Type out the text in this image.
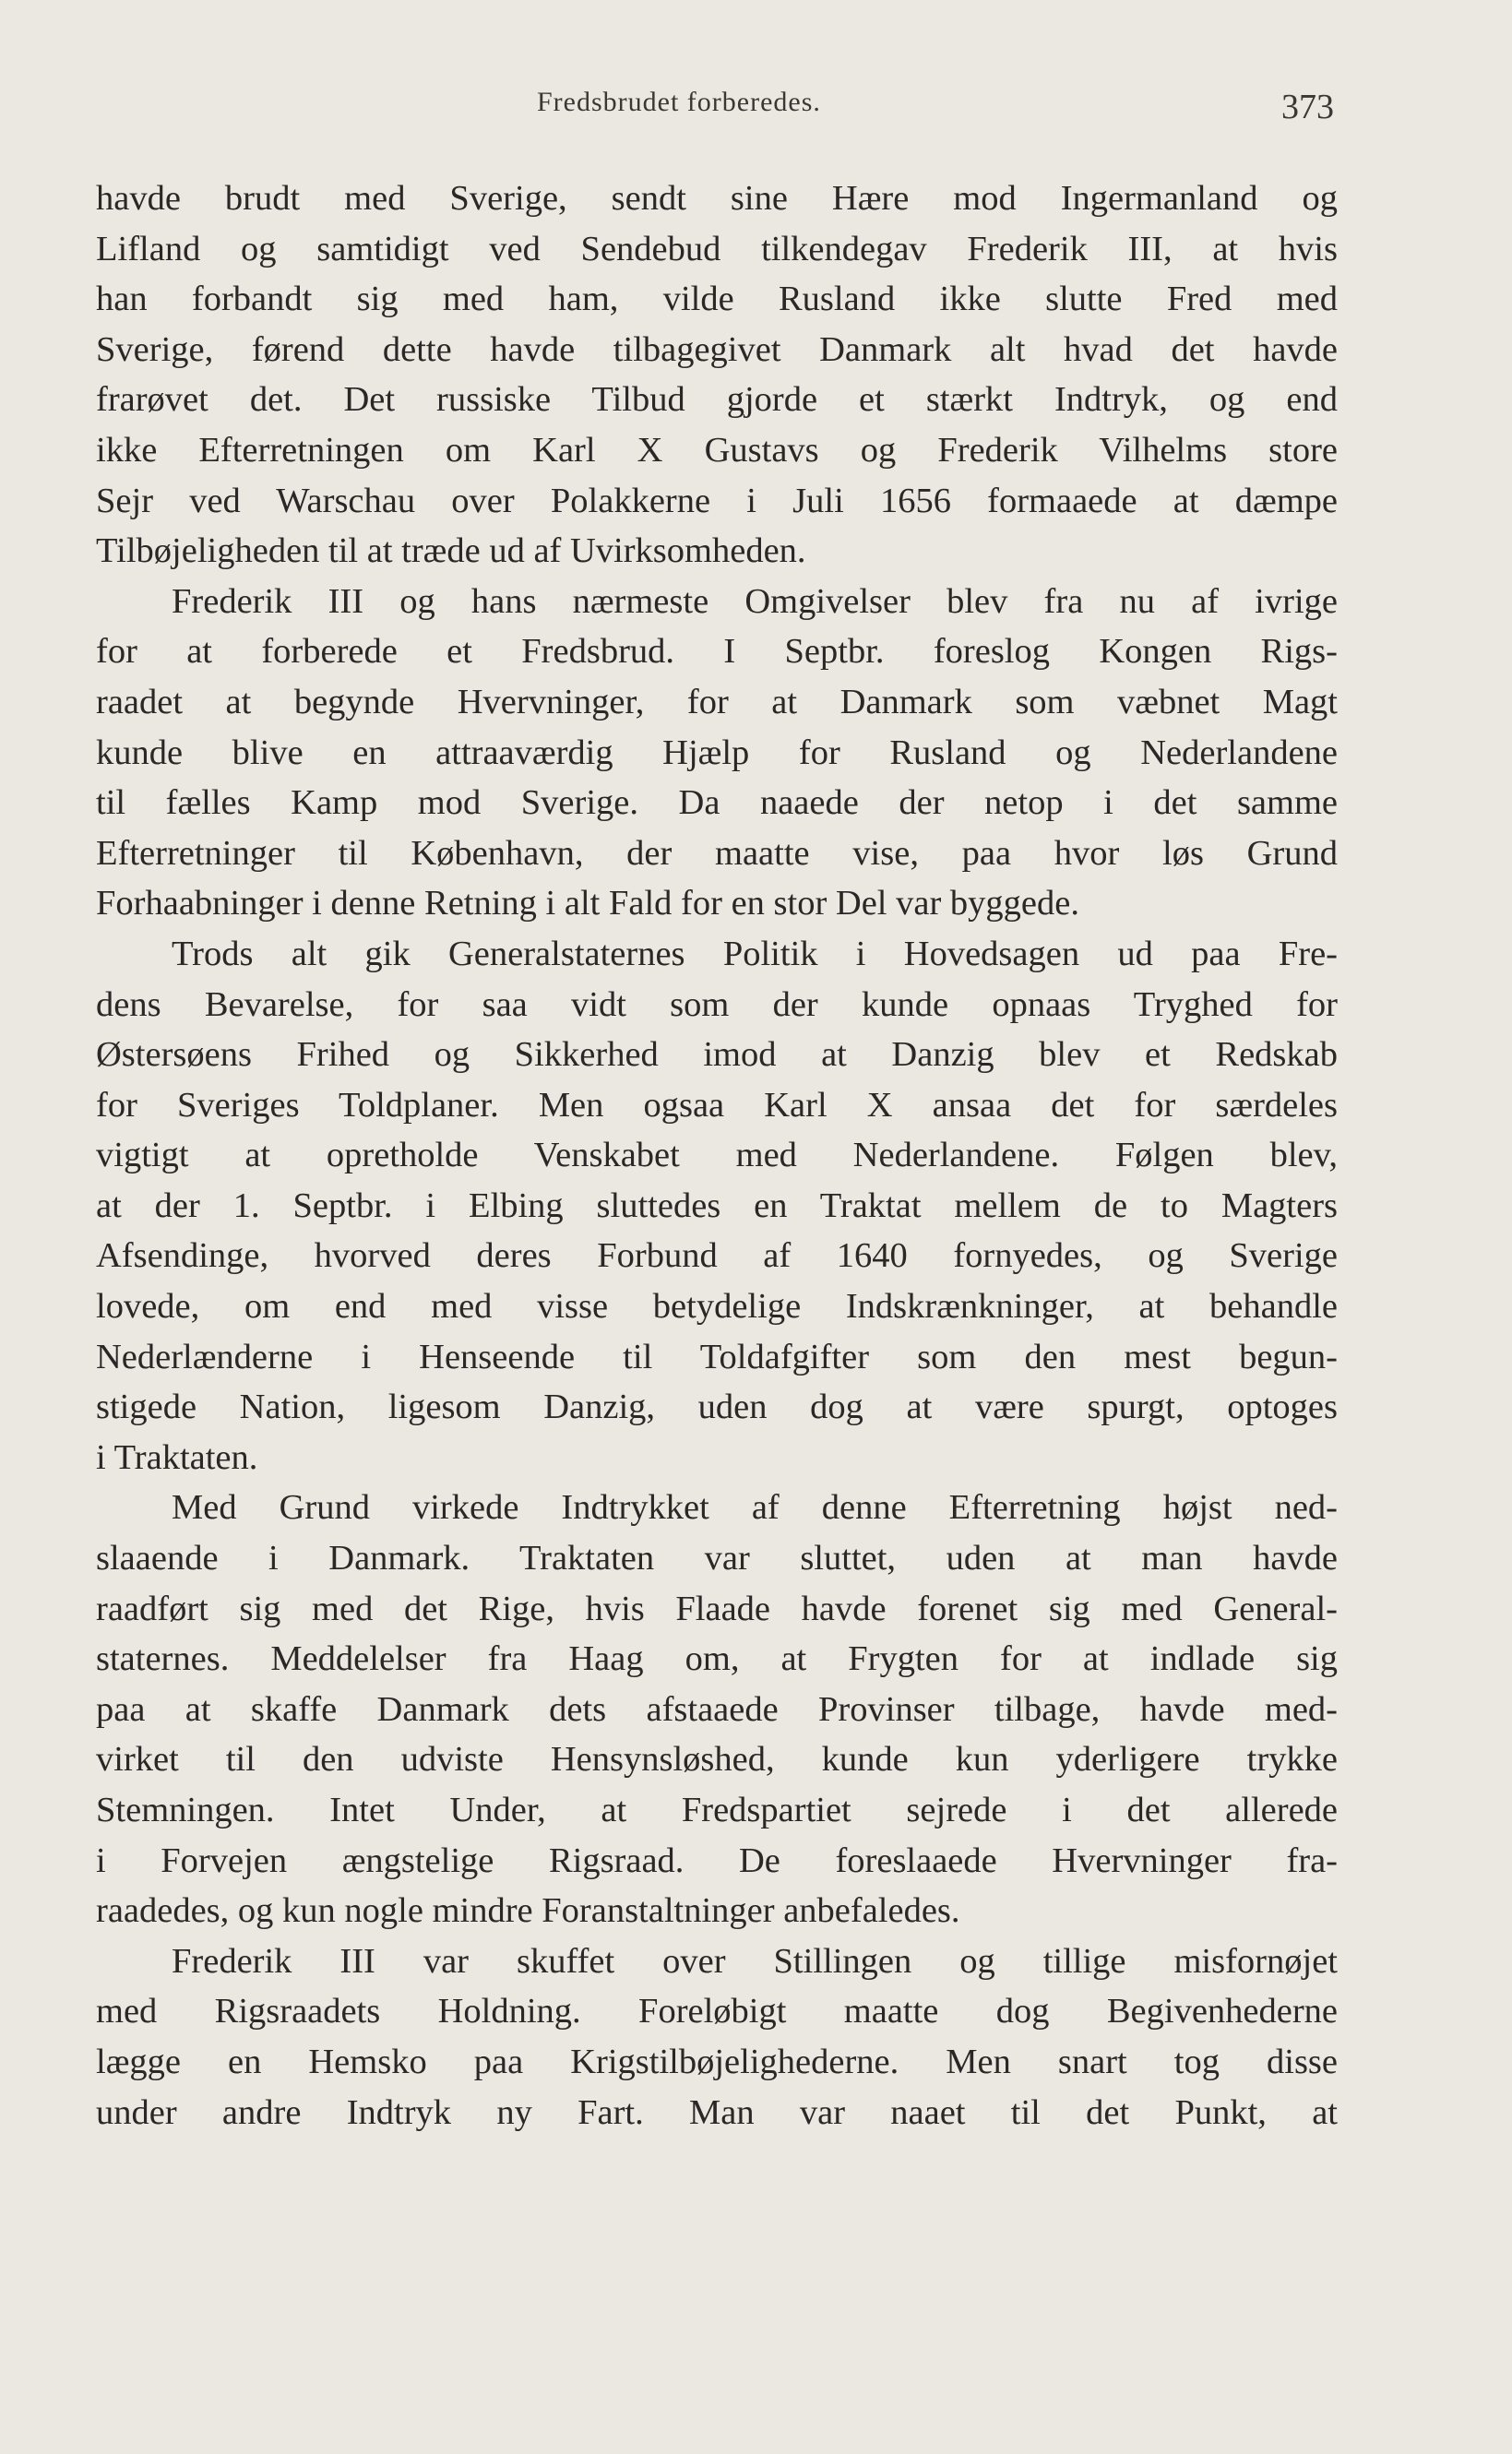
Fredsbrudet forberedes.	373
havde brudt med Sverige, sendt sine Hære mod Ingermanland og
Lifland og samtidigt ved Sendebud tilkendegav Frederik III, at hvis
han forbandt sig med ham, vilde Rusland ikke slutte Fred med
Sverige, førend dette havde tilbagegivet Danmark alt hvad det havde
frarøvet det. Det russiske Tilbud gjorde et stærkt Indtryk, og end
ikke Efterretningen om Karl X Gustavs og Frederik Vilhelms store
Sejr ved Warschau over Polakkerne i Juli 1656 formaaede at dæmpe
Tilbøjeligheden til at træde ud af Uvirksomheden.
Frederik III og hans nærmeste Omgivelser blev fra nu af ivrige
for at forberede et Fredsbrud. I Septbr. foreslog Kongen Rigs-
raadet at begynde Hvervninger, for at Danmark som væbnet Magt
kunde blive en attraaværdig Hjælp for Rusland og Nederlandene
til fælles Kamp mod Sverige. Da naaede der netop i det samme
Efterretninger til København, der maatte vise, paa hvor løs Grund
Forhaabninger i denne Retning i alt Fald for en stor Del var byggede.
Trods alt gik Generalstaternes Politik i Hovedsagen ud paa Fre-
dens Bevarelse, for saa vidt som der kunde opnaas Tryghed for
Østersøens Frihed og Sikkerhed imod at Danzig blev et Redskab
for Sveriges Toldplaner. Men ogsaa Karl X ansaa det for særdeles
vigtigt at opretholde Venskabet med Nederlandene. Følgen blev,
at der 1. Septbr. i Elbing sluttedes en Traktat mellem de to Magters
Afsendinge, hvorved deres Forbund af 1640 fornyedes, og Sverige
lovede, om end med visse betydelige Indskrænkninger, at behandle
Nederlænderne i Henseende til Toldafgifter som den mest begun-
stigede Nation, ligesom Danzig, uden dog at være spurgt, optoges
i Traktaten.
Med Grund virkede Indtrykket af denne Efterretning højst ned-
slaaende i Danmark. Traktaten var sluttet, uden at man havde
raadført sig med det Rige, hvis Flaade havde forenet sig med General-
staternes. Meddelelser fra Haag om, at Frygten for at indlade sig
paa at skaffe Danmark dets afstaaede Provinser tilbage, havde med-
virket til den udviste Hensynsløshed, kunde kun yderligere trykke
Stemningen. Intet Under, at Fredspartiet sejrede i det allerede
i Forvejen ængstelige Rigsraad. De foreslaaede Hvervninger fra-
raadedes, og kun nogle mindre Foranstaltninger anbefaledes.
Frederik III var skuffet over Stillingen og tillige misfornøjet
med Rigsraadets Holdning. Foreløbigt maatte dog Begivenhederne
lægge en Hemsko paa Krigstilbøjelighederne. Men snart tog disse
under andre Indtryk ny Fart. Man var naaet til det Punkt, at
